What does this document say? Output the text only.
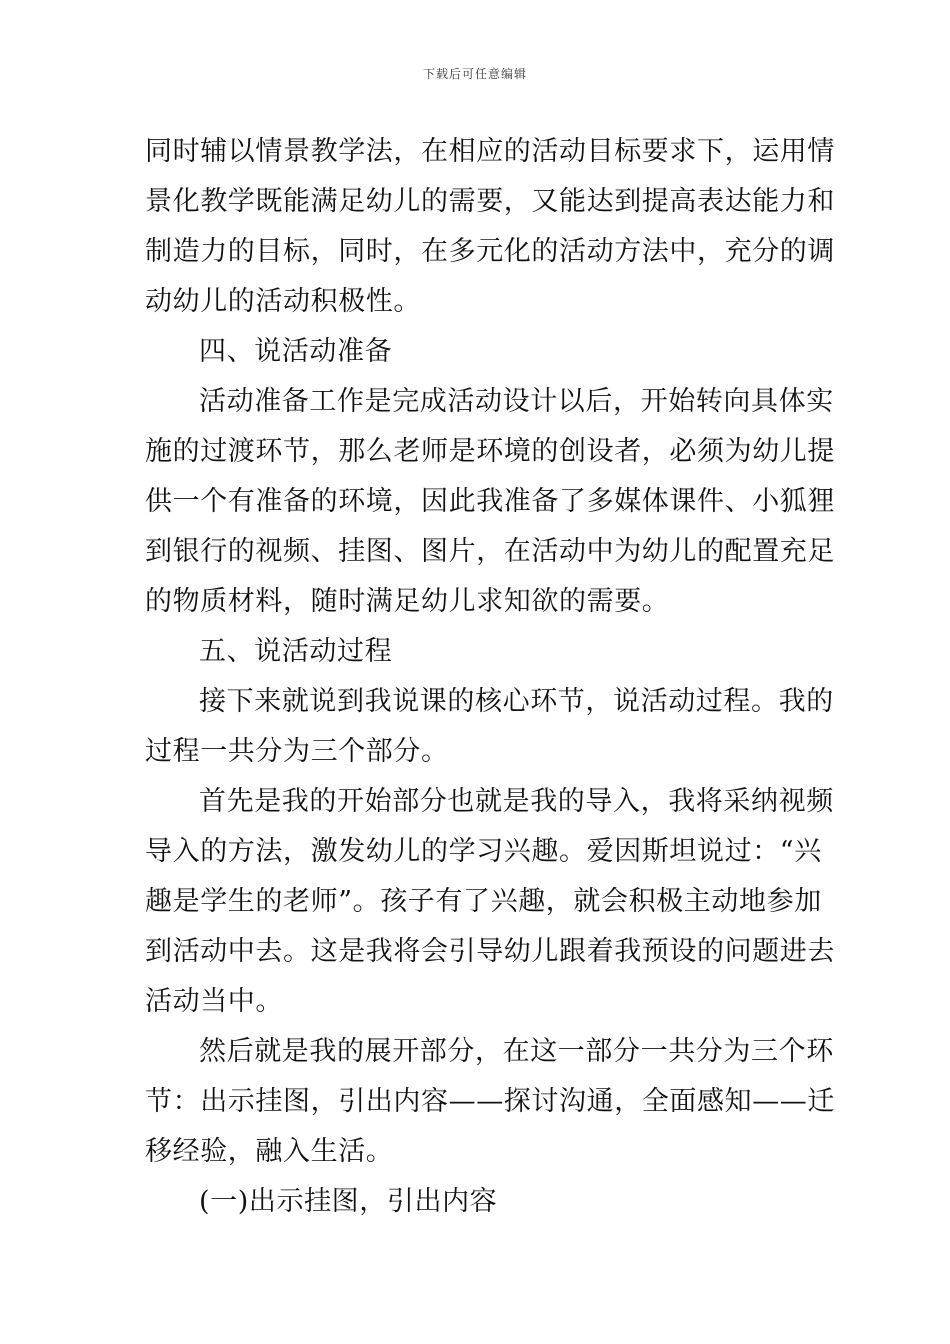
下载后可任意编辑
同时辅以情景教学法，在相应的活动目标要求下，运用情
景化教学既能满足幼儿的需要，又能达到提高表达能力和
制造力的目标，同时，在多元化的活动方法中，充分的调
动幼儿的活动积极性。
四、说活动准备
活动准备工作是完成活动设计以后，开始转向具体实
施的过渡环节，那么老师是环境的创设者，必须为幼儿提
供一个有准备的环境，因此我准备了多媒体课件、小狐狸
到银行的视频、挂图、图片，在活动中为幼儿的配置充足
的物质材料，随时满足幼儿求知欲的需要。
五、说活动过程
接下来就说到我说课的核心环节，说活动过程。我的
过程一共分为三个部分。
首先是我的开始部分也就是我的导入，我将采纳视频
导入的方法，激发幼儿的学习兴趣。爱因斯坦说过：“兴
趣是学生的老师”。孩子有了兴趣，就会积极主动地参加
到活动中去。这是我将会引导幼儿跟着我预设的问题进去
活动当中。
然后就是我的展开部分，在这一部分一共分为三个环
节：出示挂图，引出内容——探讨沟通，全面感知——迁
移经验，融入生活。
(一)出示挂图，引出内容
